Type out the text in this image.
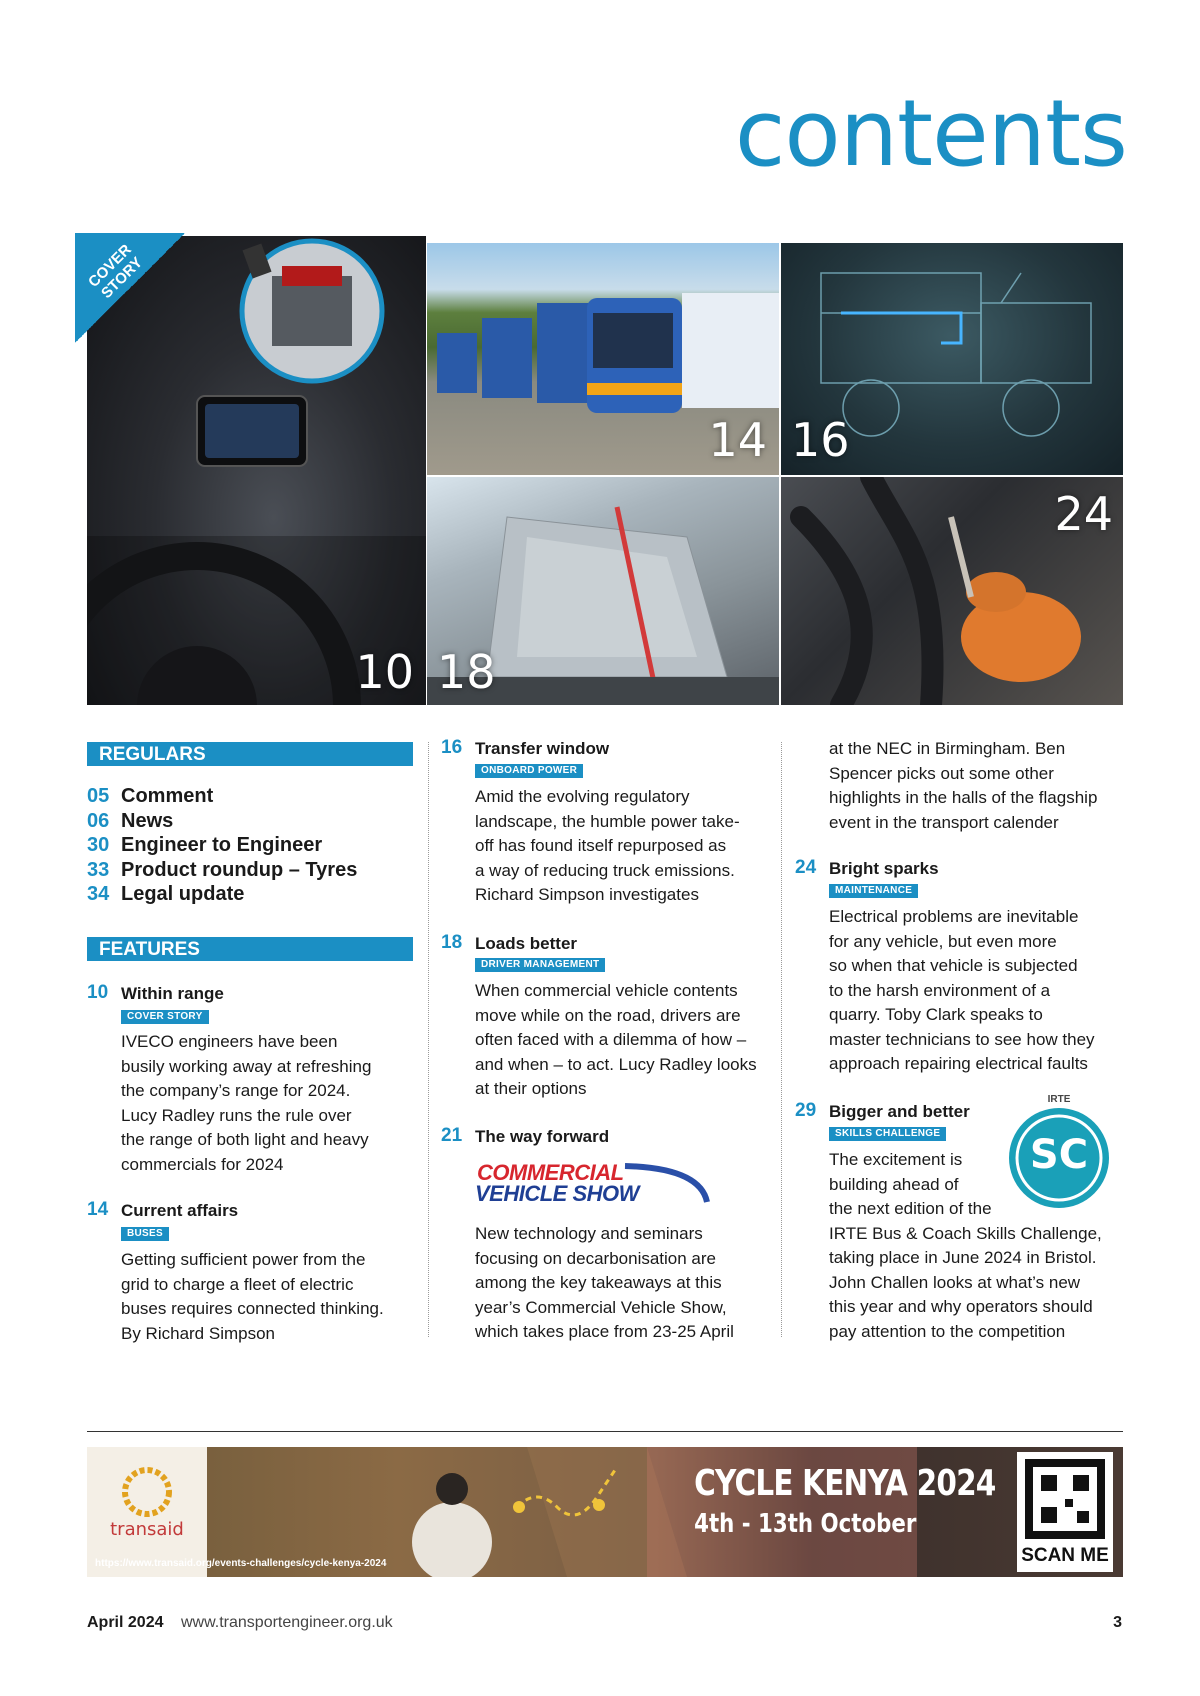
contents
COVER STORY
10
14 16
18
24
REGULARS
05 Comment
06 News
30 Engineer to Engineer
33 Product roundup – Tyres
34 Legal update
FEATURES
10 Within range
COVER STORY
IVECO engineers have been
busily working away at refreshing
the company’s range for 2024.
Lucy Radley runs the rule over
the range of both light and heavy
commercials for 2024
14 Current affairs
BUSES
Getting sufficient power from the
grid to charge a fleet of electric
buses requires connected thinking.
By Richard Simpson
16 Transfer window
ONBOARD POWER
Amid the evolving regulatory
landscape, the humble power take-
off has found itself repurposed as
a way of reducing truck emissions.
Richard Simpson investigates
18 Loads better
DRIVER MANAGEMENT
When commercial vehicle contents
move while on the road, drivers are
often faced with a dilemma of how –
and when – to act. Lucy Radley looks
at their options
21 The way forward
COMMERCIAL
VEHICLE SHOW
New technology and seminars
focusing on decarbonisation are
among the key takeaways at this
year’s Commercial Vehicle Show,
which takes place from 23-25 April
at the NEC in Birmingham. Ben
Spencer picks out some other
highlights in the halls of the flagship
event in the transport calender
24 Bright sparks
MAINTENANCE
Electrical problems are inevitable
for any vehicle, but even more
so when that vehicle is subjected
to the harsh environment of a
quarry. Toby Clark speaks to
master technicians to see how they
approach repairing electrical faults
29 Bigger and better
SKILLS CHALLENGE
IRTE
SC
The excitement is
building ahead of
the next edition of the
IRTE Bus & Coach Skills Challenge,
taking place in June 2024 in Bristol.
John Challen looks at what’s new
this year and why operators should
pay attention to the competition
transaid
CYCLE KENYA 2024
4th - 13th October
SCAN ME
https://www.transaid.org/events-challenges/cycle-kenya-2024
April 2024 www.transportengineer.org.uk	3
